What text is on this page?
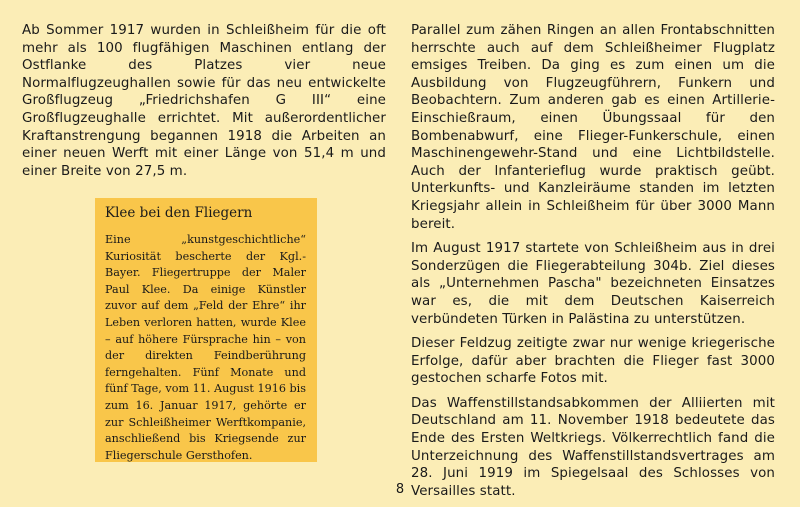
Ab Sommer 1917 wurden in Schleißheim für die oft mehr als 100 flugfähigen Maschinen entlang der Ostflanke des Platzes vier neue Normalflugzeughallen sowie für das neu entwickelte Großflugzeug „Friedrichshafen G III“ eine Großflugzeughalle errichtet. Mit außerordentlicher Kraftanstrengung begannen 1918 die Arbeiten an einer neuen Werft mit einer Länge von 51,4 m und einer Breite von 27,5 m.

Klee bei den Fliegern

Eine „kunstgeschichtliche“ Kuriosität bescherte der Kgl.-Bayer. Fliegertruppe der Maler Paul Klee. Da einige Künstler zuvor auf dem „Feld der Ehre“ ihr Leben verloren hatten, wurde Klee – auf höhere Fürsprache hin – von der direkten Feindberührung ferngehalten. Fünf Monate und fünf Tage, vom 11. August 1916 bis zum 16. Januar 1917, gehörte er zur Schleißheimer Werftkompanie, anschließend bis Kriegsende zur Fliegerschule Gersthofen.

Parallel zum zähen Ringen an allen Frontabschnitten herrschte auch auf dem Schleißheimer Flugplatz emsiges Treiben. Da ging es zum einen um die Ausbildung von Flugzeugführern, Funkern und Beobachtern. Zum anderen gab es einen Artillerie-Einschießraum, einen Übungssaal für den Bombenabwurf, eine Flieger-Funkerschule, einen Maschinengewehr-Stand und eine Lichtbildstelle. Auch der lnfanterieflug wurde praktisch geübt. Unterkunfts- und Kanzleiräume standen im letzten Kriegsjahr allein in Schleißheim für über 3000 Mann bereit.

Im August 1917 startete von Schleißheim aus in drei Sonderzügen die Fliegerabteilung 304b. Ziel dieses als „Unternehmen Pascha" bezeichneten Einsatzes war es, die mit dem Deutschen Kaiserreich verbündeten Türken in Palästina zu unterstützen.

Dieser Feldzug zeitigte zwar nur wenige kriegerische Erfolge, dafür aber brachten die Flieger fast 3000 gestochen scharfe Fotos mit.

Das Waffenstillstandsabkommen der Alliierten mit Deutschland am 11. November 1918 bedeutete das Ende des Ersten Weltkriegs. Völkerrechtlich fand die Unterzeichnung des Waffenstillstandsvertrages am 28. Juni 1919 im Spiegelsaal des Schlosses von Versailles statt.

8
